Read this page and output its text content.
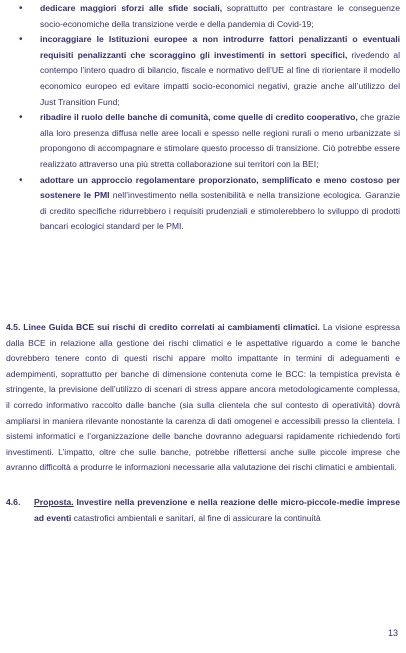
• dedicare maggiori sforzi alle sfide sociali, soprattutto per contrastare le conseguenze socio-economiche della transizione verde e della pandemia di Covid-19;
• incoraggiare le Istituzioni europee a non introdurre fattori penalizzanti o eventuali requisiti penalizzanti che scoraggino gli investimenti in settori specifici, rivedendo al contempo l’intero quadro di bilancio, fiscale e normativo dell’UE al fine di riorientare il modello economico europeo ed evitare impatti socio-economici negativi, grazie anche all’utilizzo del Just Transition Fund;
• ribadire il ruolo delle banche di comunità, come quelle di credito cooperativo, che grazie alla loro presenza diffusa nelle aree locali e spesso nelle regioni rurali o meno urbanizzate si propongono di accompagnare e stimolare questo processo di transizione. Ciò potrebbe essere realizzato attraverso una più stretta collaborazione sui territori con la BEI;
• adottare un approccio regolamentare proporzionato, semplificato e meno costoso per sostenere le PMI nell’investimento nella sostenibilità e nella transizione ecologica. Garanzie di credito specifiche ridurrebbero i requisiti prudenziali e stimolerebbero lo sviluppo di prodotti bancari ecologici standard per le PMI.
4.5. Linee Guida BCE sui rischi di credito correlati ai cambiamenti climatici. La visione espressa dalla BCE in relazione alla gestione dei rischi climatici e le aspettative riguardo a come le banche dovrebbero tenere conto di questi rischi appare molto impattante in termini di adeguamenti e adempimenti, soprattutto per banche di dimensione contenuta come le BCC: la tempistica prevista è stringente, la previsione dell’utilizzo di scenari di stress appare ancora metodologicamente complessa, il corredo informativo raccolto dalle banche (sia sulla clientela che sul contesto di operatività) dovrà ampliarsi in maniera rilevante nonostante la carenza di dati omogenei e accessibili presso la clientela. I sistemi informatici e l’organizzazione delle banche dovranno adeguarsi rapidamente richiedendo forti investimenti. L’impatto, oltre che sulle banche, potrebbe riflettersi anche sulle piccole imprese che avranno difficoltà a produrre le informazioni necessarie alla valutazione dei rischi climatici e ambientali.
4.6. Proposta. Investire nella prevenzione e nella reazione delle micro-piccole-medie imprese ad eventi catastrofici ambientali e sanitari, al fine di assicurare la continuità
13
